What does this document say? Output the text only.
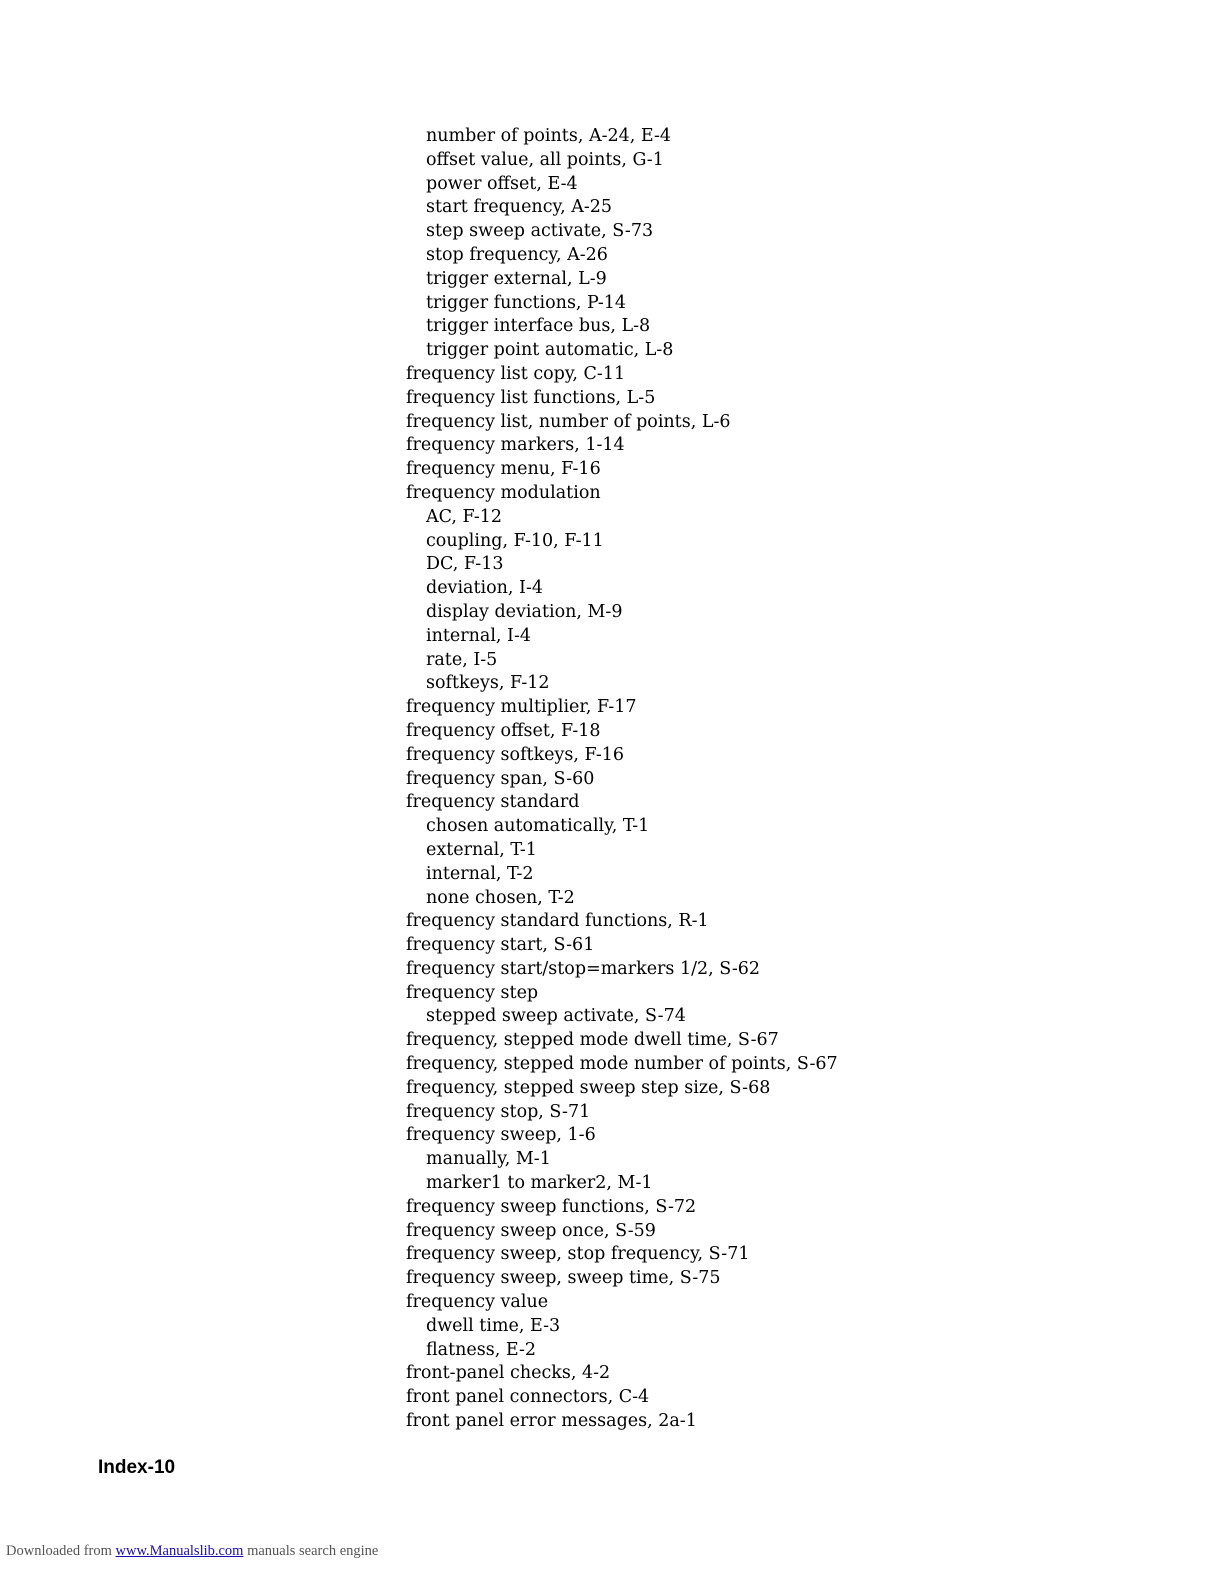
number of points, A-24, E-4
offset value, all points, G-1
power offset, E-4
start frequency, A-25
step sweep activate, S-73
stop frequency, A-26
trigger external, L-9
trigger functions, P-14
trigger interface bus, L-8
trigger point automatic, L-8
frequency list copy, C-11
frequency list functions, L-5
frequency list, number of points, L-6
frequency markers, 1-14
frequency menu, F-16
frequency modulation
AC, F-12
coupling, F-10, F-11
DC, F-13
deviation, I-4
display deviation, M-9
internal, I-4
rate, I-5
softkeys, F-12
frequency multiplier, F-17
frequency offset, F-18
frequency softkeys, F-16
frequency span, S-60
frequency standard
chosen automatically, T-1
external, T-1
internal, T-2
none chosen, T-2
frequency standard functions, R-1
frequency start, S-61
frequency start/stop=markers 1/2, S-62
frequency step
stepped sweep activate, S-74
frequency, stepped mode dwell time, S-67
frequency, stepped mode number of points, S-67
frequency, stepped sweep step size, S-68
frequency stop, S-71
frequency sweep, 1-6
manually, M-1
marker1 to marker2, M-1
frequency sweep functions, S-72
frequency sweep once, S-59
frequency sweep, stop frequency, S-71
frequency sweep, sweep time, S-75
frequency value
dwell time, E-3
flatness, E-2
front-panel checks, 4-2
front panel connectors, C-4
front panel error messages, 2a-1
Index-10
Downloaded from www.Manualslib.com manuals search engine
